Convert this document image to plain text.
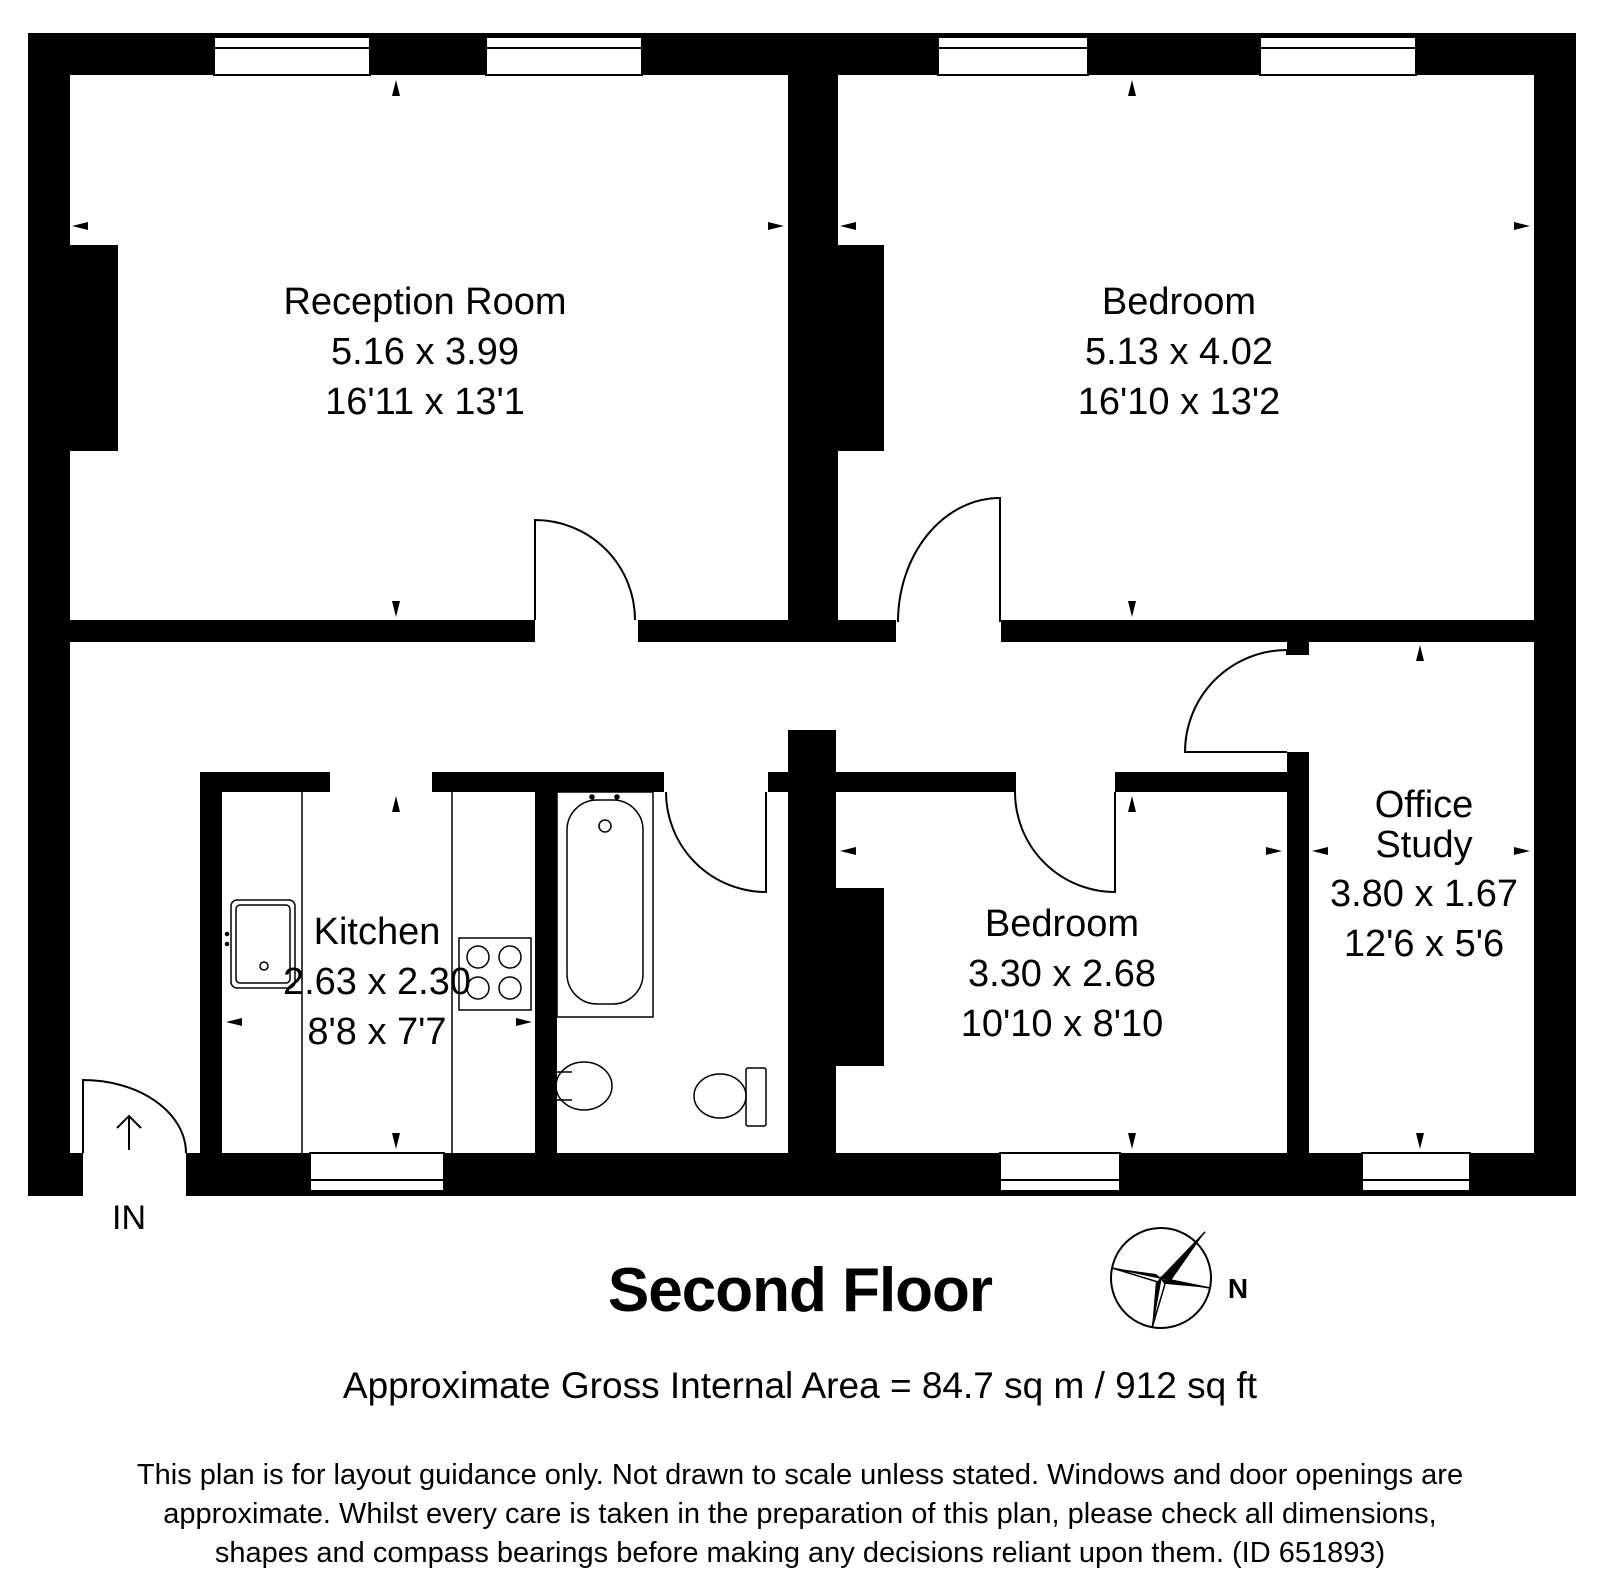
IN
Reception Room
5.16 x 3.99
16'11 x 13'1
Bedroom
5.13 x 4.02
16'10 x 13'2
Kitchen
2.63 x 2.30
8'8 x 7'7
Bedroom
3.30 x 2.68
10'10 x 8'10
Office
Study
3.80 x 1.67
12'6 x 5'6
Second Floor	N
Approximate Gross Internal Area = 84.7 sq m / 912 sq ft
This plan is for layout guidance only. Not drawn to scale unless stated. Windows and door openings are
approximate. Whilst every care is taken in the preparation of this plan, please check all dimensions,
shapes and compass bearings before making any decisions reliant upon them. (ID 651893)
